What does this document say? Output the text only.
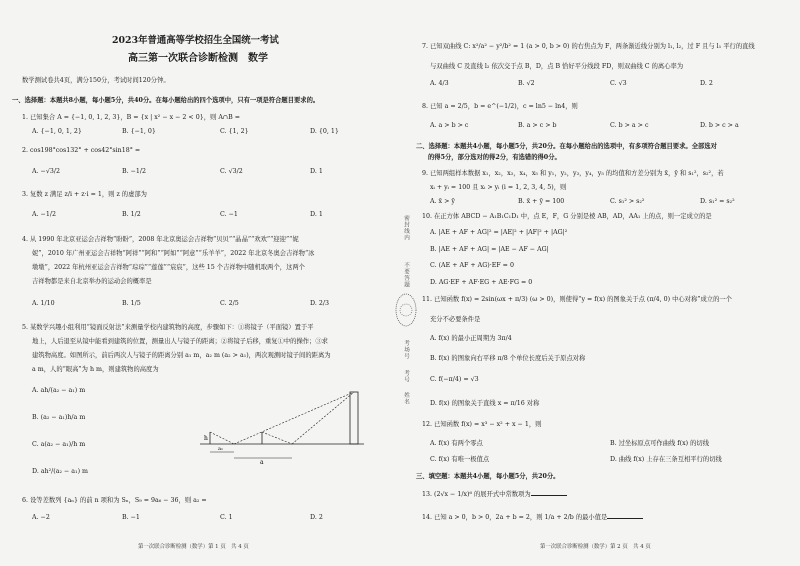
2023年普通高等学校招生全国统一考试
高三第一次联合诊断检测　数学
数学测试卷共4页，满分150分，考试时间120分钟。
一、选择题：本题共8小题，每小题5分，共40分。在每小题给出的四个选项中，只有一项是符合题目要求的。
1. 已知集合 A = {−1, 0, 1, 2, 3}，B = {x | x² − x − 2 < 0}，则 A∩B =
A. {−1, 0, 1, 2}	B. {−1, 0}	C. {1, 2}	D. {0, 1}
2. cos198°cos132° + cos42°sin18° =
A. −√3/2	B. −1/2	C. √3/2	D. 1
3. 复数 z 满足 z/i + z·i = 1，则 z 的虚部为
A. −1/2	B. 1/2	C. −1	D. 1
4. 从 1990 年北京亚运会吉祥物“盼盼”，2008 年北京奥运会吉祥物“贝贝”“晶晶”“欢欢”“迎迎”“妮
妮”，2010 年广州亚运会吉祥物“阿祥”“阿和”“阿如”“阿意”“乐羊羊”，2022 年北京冬奥会吉祥物“冰
墩墩”，2022 年杭州亚运会吉祥物“琮琮”“莲莲”“宸宸”，这些 15 个吉祥物中随机取两个，这两个
吉祥物都是来自北京举办的运动会的概率是
A. 1/10	B. 1/5	C. 2/5	D. 2/3
5. 某数学兴趣小组利用“镜面反射法”来测量学校内建筑物的高度，步骤如下：①将镜子（平面镜）置于平
地上，人后退至从镜中能看到建筑的位置，测量出人与镜子的距离；②将镜子后移，重复①中的操作；③求
建筑物高度。如图所示，前后两次人与镜子的距离分别 a₁ m，a₂ m (a₂ > a₁)，两次观测时镜子间的距离为
a m，人的“眼高”为 h m，则建筑物的高度为
A. ah/(a₂ − a₁) m
B. (a₂ − a₁)h/a m
C. a(a₂ − a₁)/h m
D. ah²/(a₂ − a₁) m
h
a₁
a
6. 设等差数列 {aₙ} 的前 n 项和为 Sₙ，S₉ = 9a₆ − 36，则 a₂ =
A. −2	B. −1	C. 1	D. 2
第一次联合诊断检测（数学）第 1 页　共 4 页
密封线内
不要答题
考场号
考号
姓名
7. 已知双曲线 C: x²/a² − y²/b² = 1 (a > 0, b > 0) 的右焦点为 F，两条渐近线分别为 l₁, l₂，过 F 且与 l₁ 平行的直线
与双曲线 C 及直线 l₂ 依次交于点 B，D，点 B 恰好平分线段 FD，则双曲线 C 的离心率为
A. 4/3	B. √2	C. √3	D. 2
8. 已知 a = 2/5，b = e^(−1/2)，c = ln5 − ln4，则
A. a > b > c	B. a > c > b	C. b > a > c	D. b > c > a
二、选择题：本题共4小题，每小题5分，共20分。在每小题给出的选项中，有多项符合题目要求。全部选对
的得5分，部分选对的得2分，有选错的得0分。
9. 已知两组样本数据 x₁，x₂，x₃，x₄，x₅ 和 y₁，y₂，y₃，y₄，y₅ 的均值和方差分别为 x̄，ȳ 和 s₁²，s₂²，若
xᵢ + yᵢ = 100 且 xᵢ > yᵢ (i = 1, 2, 3, 4, 5)，则
A. x̄ > ȳ	B. x̄ + ȳ = 100	C. s₁² > s₂²	D. s₁² = s₂²
10. 在正方体 ABCD − A₁B₁C₁D₁ 中，点 E，F，G 分别是棱 AB，AD，AA₁ 上的点，则一定成立的是
A. |AE + AF + AG|² = |AE|² + |AF|² + |AG|²
B. |AE + AF + AG| = |AE − AF − AG|
C. (AE + AF + AG)·EF = 0
D. AG·EF + AF·EG + AE·FG = 0
11. 已知函数 f(x) = 2sin(ωx + π/3) (ω > 0)，则使得“y = f(x) 的图象关于点 (π/4, 0) 中心对称”成立的一个
充分不必要条件是
A. f(x) 的最小正周期为 3π/4
B. f(x) 的图象向右平移 π/8 个单位长度后关于原点对称
C. f(−π/4) = √3
D. f(x) 的图象关于直线 x = π/16 对称
12. 已知函数 f(x) = x³ − x² + x − 1，则
A. f(x) 有两个零点	B. 过坐标原点可作曲线 f(x) 的切线
C. f(x) 有唯一极值点	D. 曲线 f(x) 上存在三条互相平行的切线
三、填空题：本题共4小题，每小题5分，共20分。
13. (2√x − 1/x)⁶ 的展开式中常数项为
14. 已知 a > 0，b > 0，2a + b = 2，则 1/a + 2/b 的最小值是
第一次联合诊断检测（数学）第 2 页　共 4 页
